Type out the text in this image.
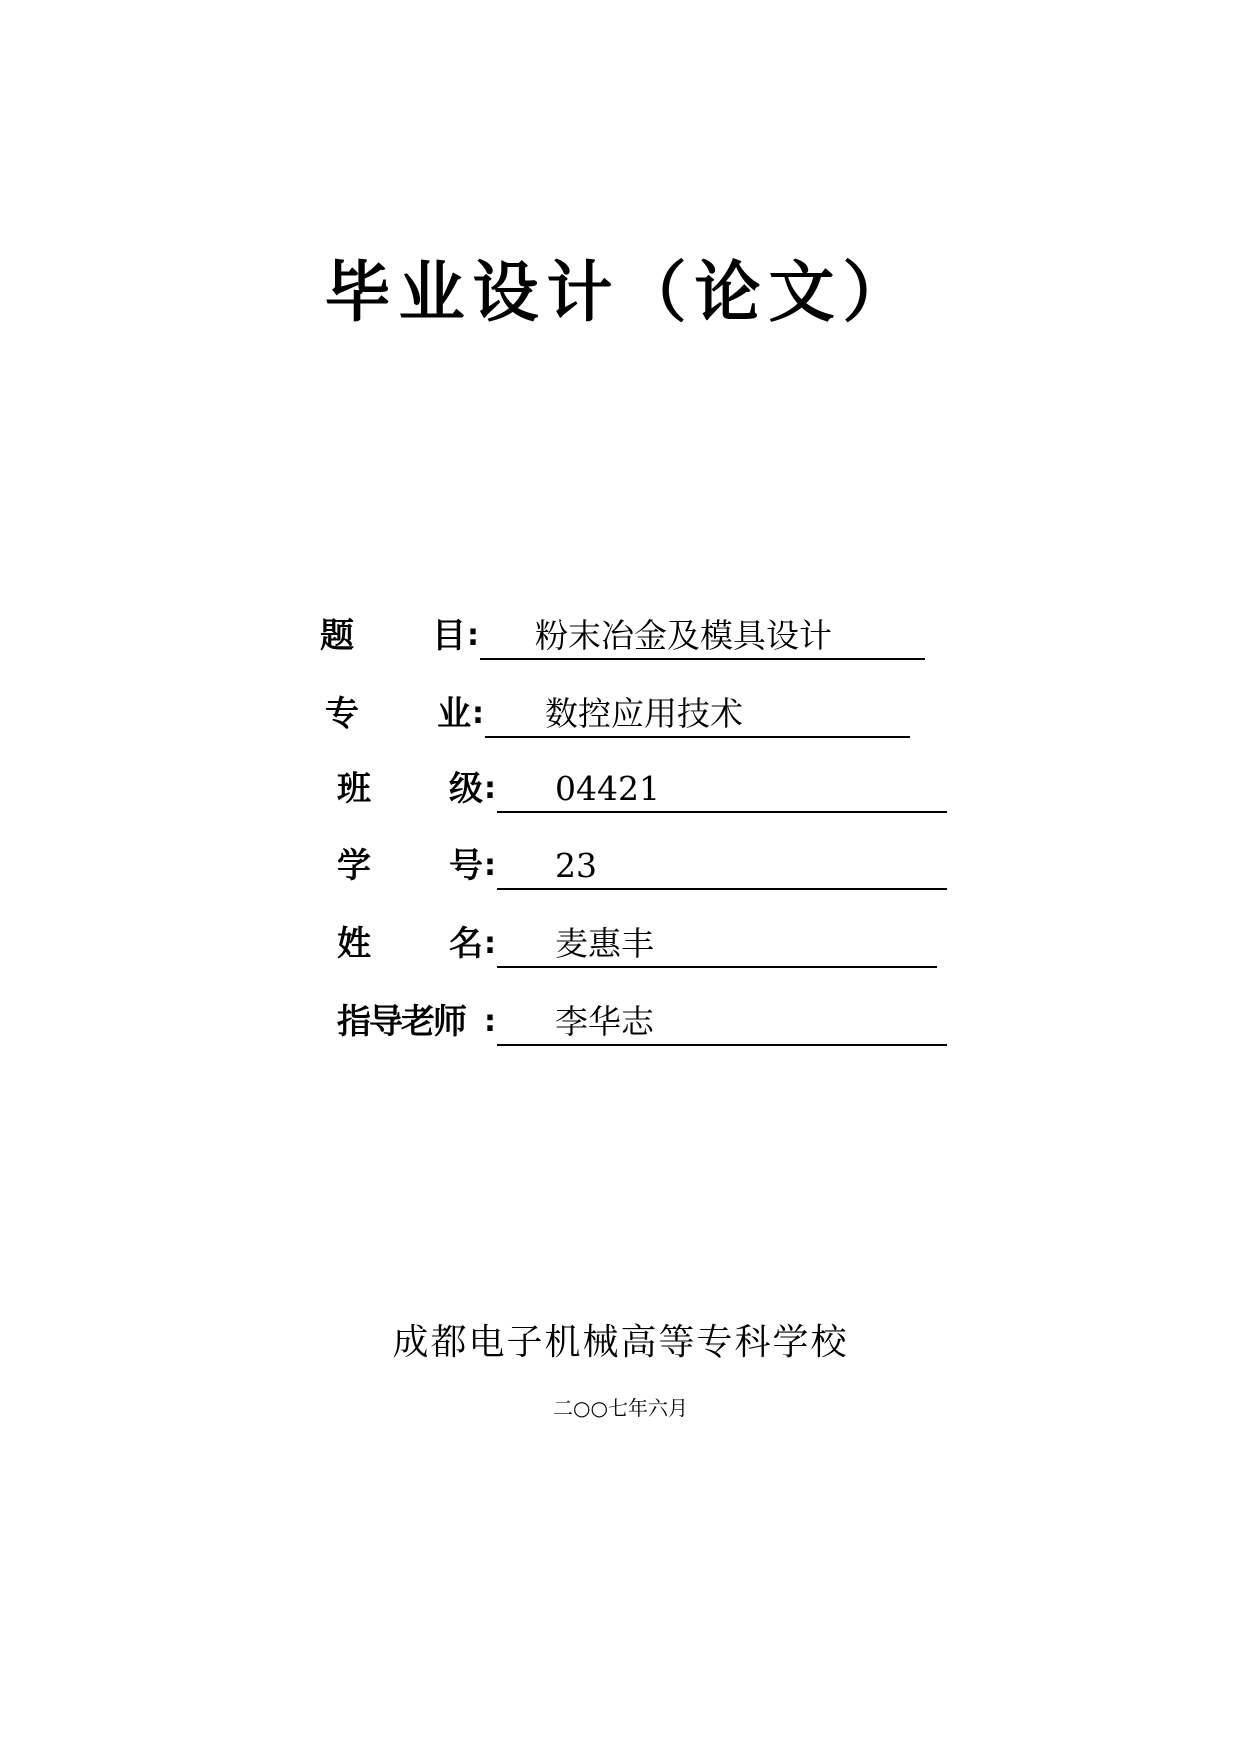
毕业设计（论文）
题 目 : 粉末冶金及模具设计
专 业 : 数控应用技术
班 级 : 04421
学 号 : 23
姓 名 : 麦惠丰
指导老师 : 李华志
成都电子机械高等专科学校
二○○七年六月
